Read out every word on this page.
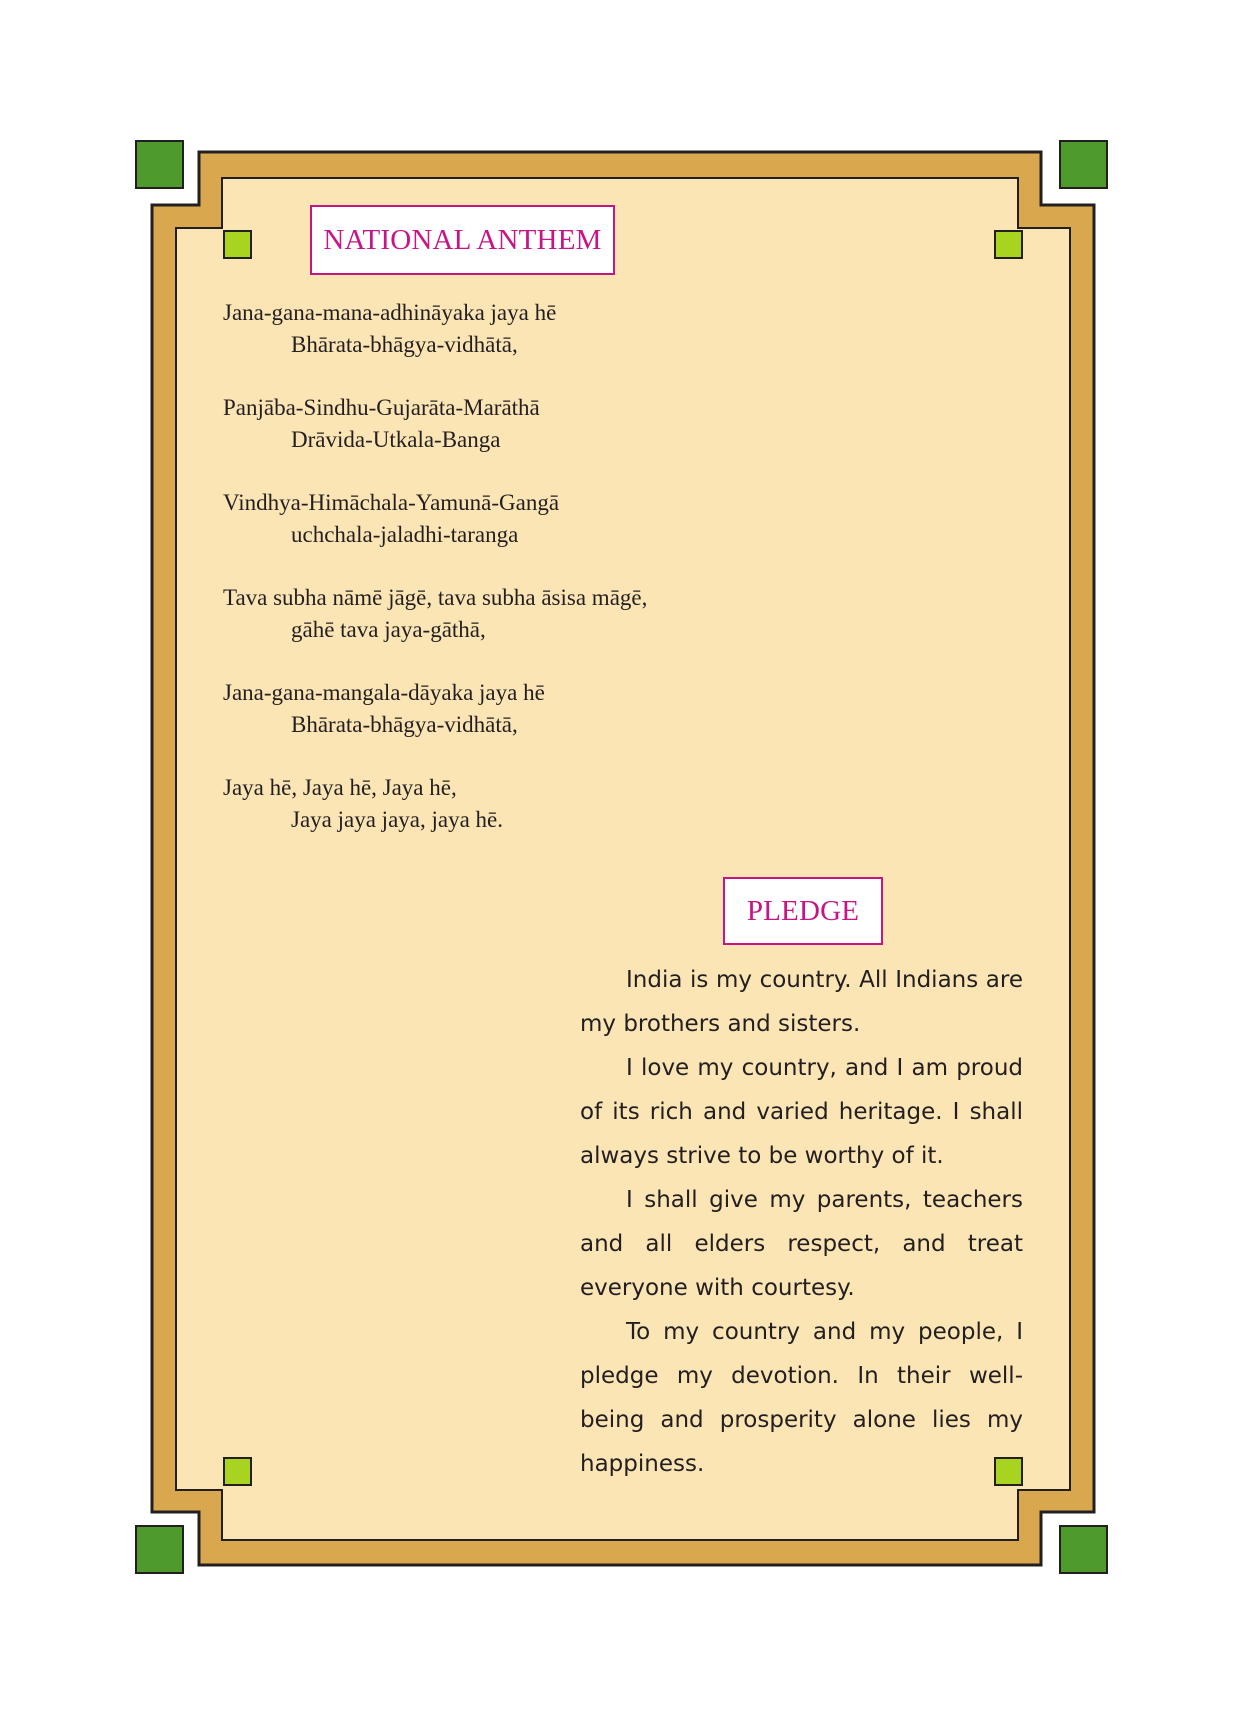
NATIONAL ANTHEM
Jana-gana-mana-adhināyaka jaya hē
Bhārata-bhāgya-vidhātā,
Panjāba-Sindhu-Gujarāta-Marāthā
Drāvida-Utkala-Banga
Vindhya-Himāchala-Yamunā-Gangā
uchchala-jaladhi-taranga
Tava subha nāmē jāgē, tava subha āsisa māgē,
gāhē tava jaya-gāthā,
Jana-gana-mangala-dāyaka jaya hē
Bhārata-bhāgya-vidhātā,
Jaya hē, Jaya hē, Jaya hē,
Jaya jaya jaya, jaya hē.
PLEDGE

India is my country. All Indians are my brothers and sisters.

I love my country, and I am proud of its rich and varied heritage. I shall always strive to be worthy of it.

I shall give my parents, teachers and all elders respect, and treat everyone with courtesy.

To my country and my people, I pledge my devotion. In their well-being and prosperity alone lies my happiness.
